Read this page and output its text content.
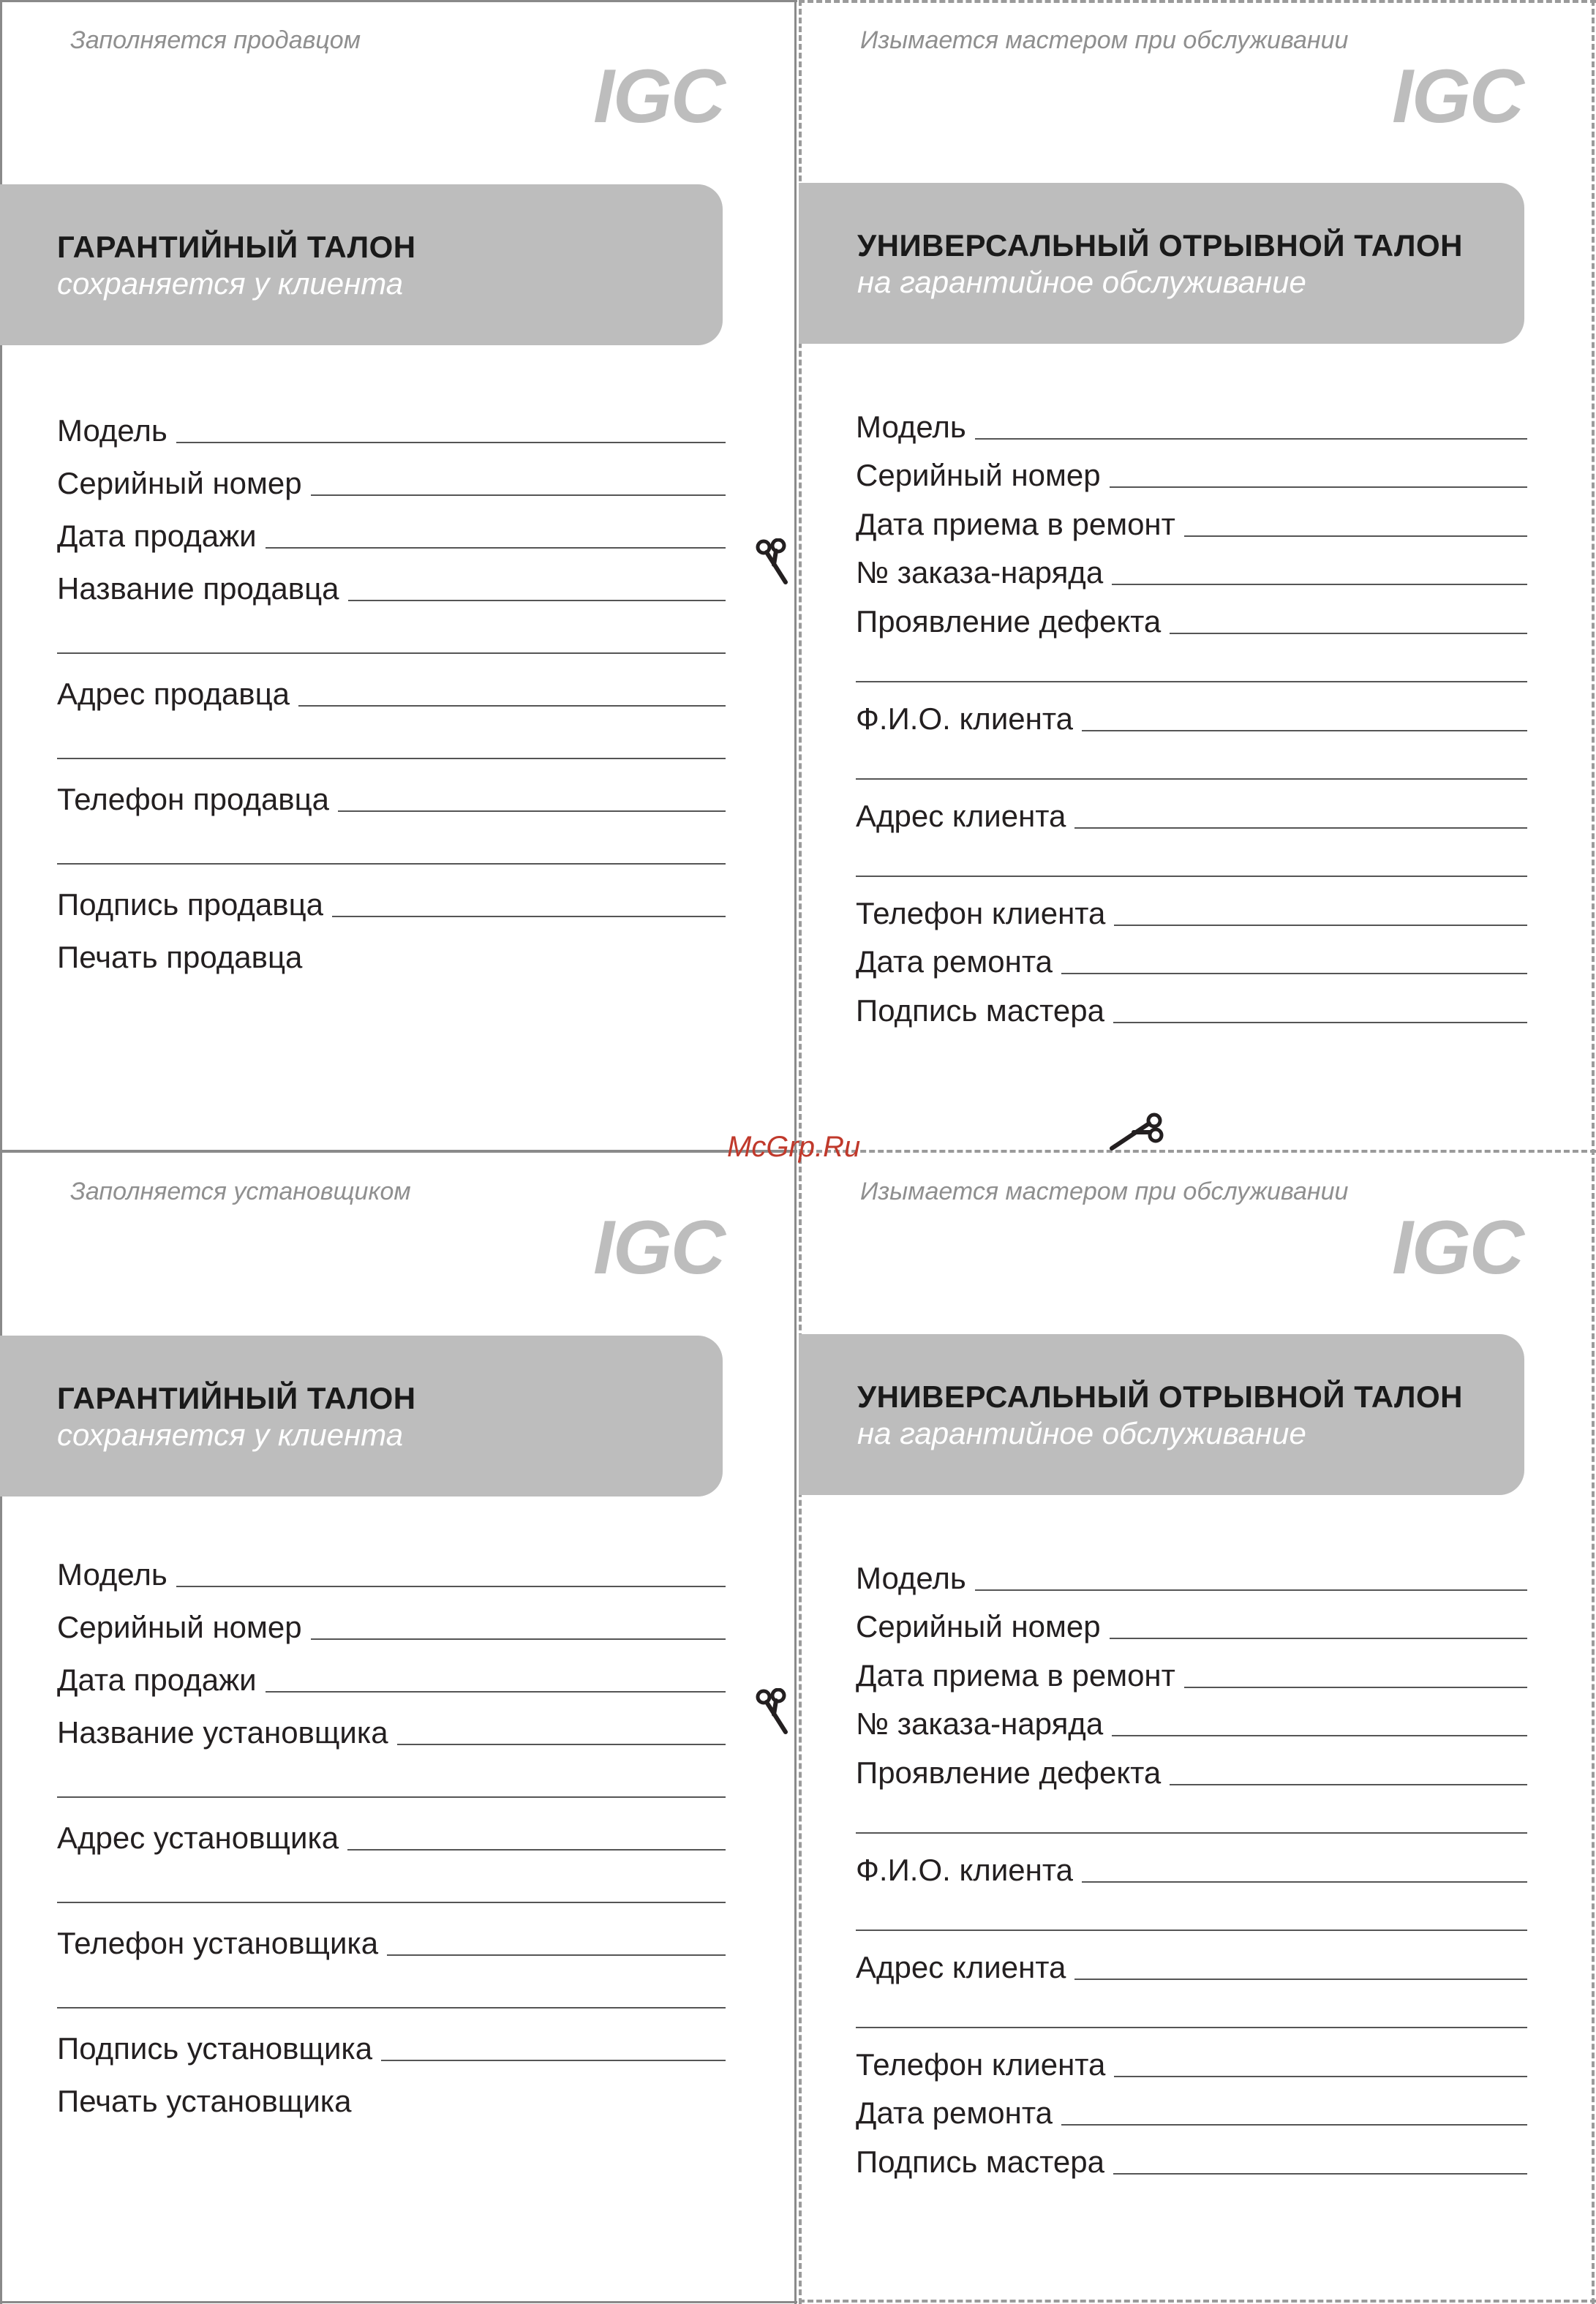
Заполняется продавцом
IGC
ГАРАНТИЙНЫЙ ТАЛОН
сохраняется у клиента
Модель
Серийный номер
Дата продажи
Название продавца
Адрес продавца
Телефон продавца
Подпись продавца
Печать продавца
Изымается мастером при обслуживании
IGC
УНИВЕРСАЛЬНЫЙ ОТРЫВНОЙ ТАЛОН
на гарантийное обслуживание
Модель
Серийный номер
Дата приема в ремонт
№ заказа-наряда
Проявление дефекта
Ф.И.О. клиента
Адрес клиента
Телефон клиента
Дата ремонта
Подпись мастера
Заполняется установщиком
IGC
ГАРАНТИЙНЫЙ ТАЛОН
сохраняется у клиента
Модель
Серийный номер
Дата продажи
Название установщика
Адрес установщика
Телефон установщика
Подпись установщика
Печать установщика
Изымается мастером при обслуживании
IGC
УНИВЕРСАЛЬНЫЙ ОТРЫВНОЙ ТАЛОН
на гарантийное обслуживание
Модель
Серийный номер
Дата приема в ремонт
№ заказа-наряда
Проявление дефекта
Ф.И.О. клиента
Адрес клиента
Телефон клиента
Дата ремонта
Подпись мастера
McGrp.Ru
